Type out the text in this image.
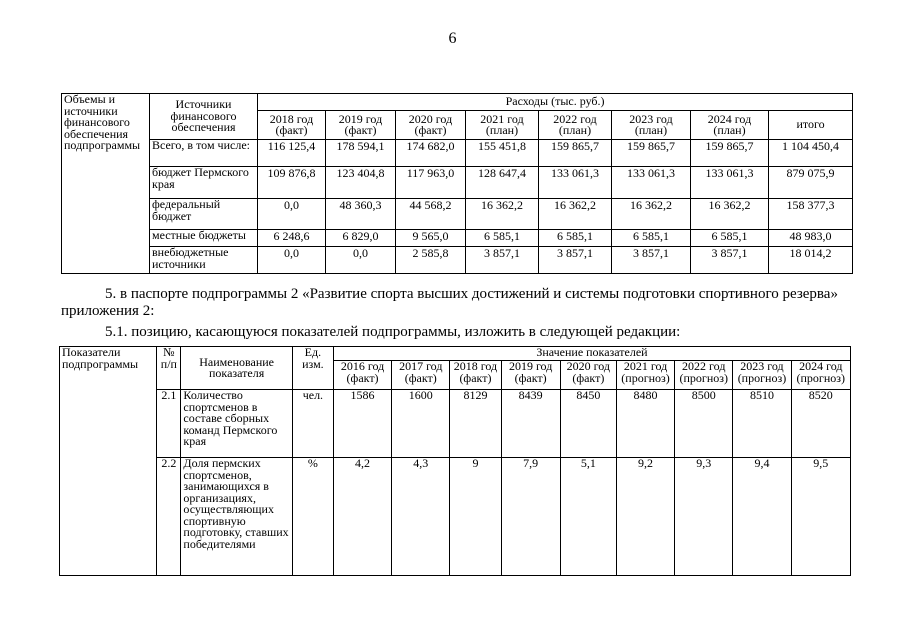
6
Объемы и источники финансового обеспечения подпрограммы	Источники финансового обеспечения	Расходы (тыс. руб.)							
		2018 год (факт)	2019 год (факт)	2020 год (факт)	2021 год (план)	2022 год (план)	2023 год (план)	2024 год (план)	итого
	Всего, в том числе:	116 125,4	178 594,1	174 682,0	155 451,8	159 865,7	159 865,7	159 865,7	1 104 450,4
	бюджет Пермского края	109 876,8	123 404,8	117 963,0	128 647,4	133 061,3	133 061,3	133 061,3	879 075,9
	федеральный бюджет	0,0	48 360,3	44 568,2	16 362,2	16 362,2	16 362,2	16 362,2	158 377,3
	местные бюджеты	6 248,6	6 829,0	9 565,0	6 585,1	6 585,1	6 585,1	6 585,1	48 983,0
	внебюджетные источники	0,0	0,0	2 585,8	3 857,1	3 857,1	3 857,1	3 857,1	18 014,2
5. в паспорте подпрограммы 2 «Развитие спорта высших достижений и системы подготовки спортивного резерва»
приложения 2:
5.1. позицию, касающуюся показателей подпрограммы, изложить в следующей редакции:
Показатели подпрограммы	№ п/п	Наименование показателя	Ед. изм.	Значение показателей								
				2016 год (факт)	2017 год (факт)	2018 год (факт)	2019 год (факт)	2020 год (факт)	2021 год (прогноз)	2022 год (прогноз)	2023 год (прогноз)	2024 год (прогноз)
	2.1	Количество спортсменов в составе сборных команд Пермского края	чел.	1586	1600	8129	8439	8450	8480	8500	8510	8520
	2.2	Доля пермских спортсменов, занимающихся в организациях, осуществляющих спортивную подготовку, ставших победителями	%	4,2	4,3	9	7,9	5,1	9,2	9,3	9,4	9,5
